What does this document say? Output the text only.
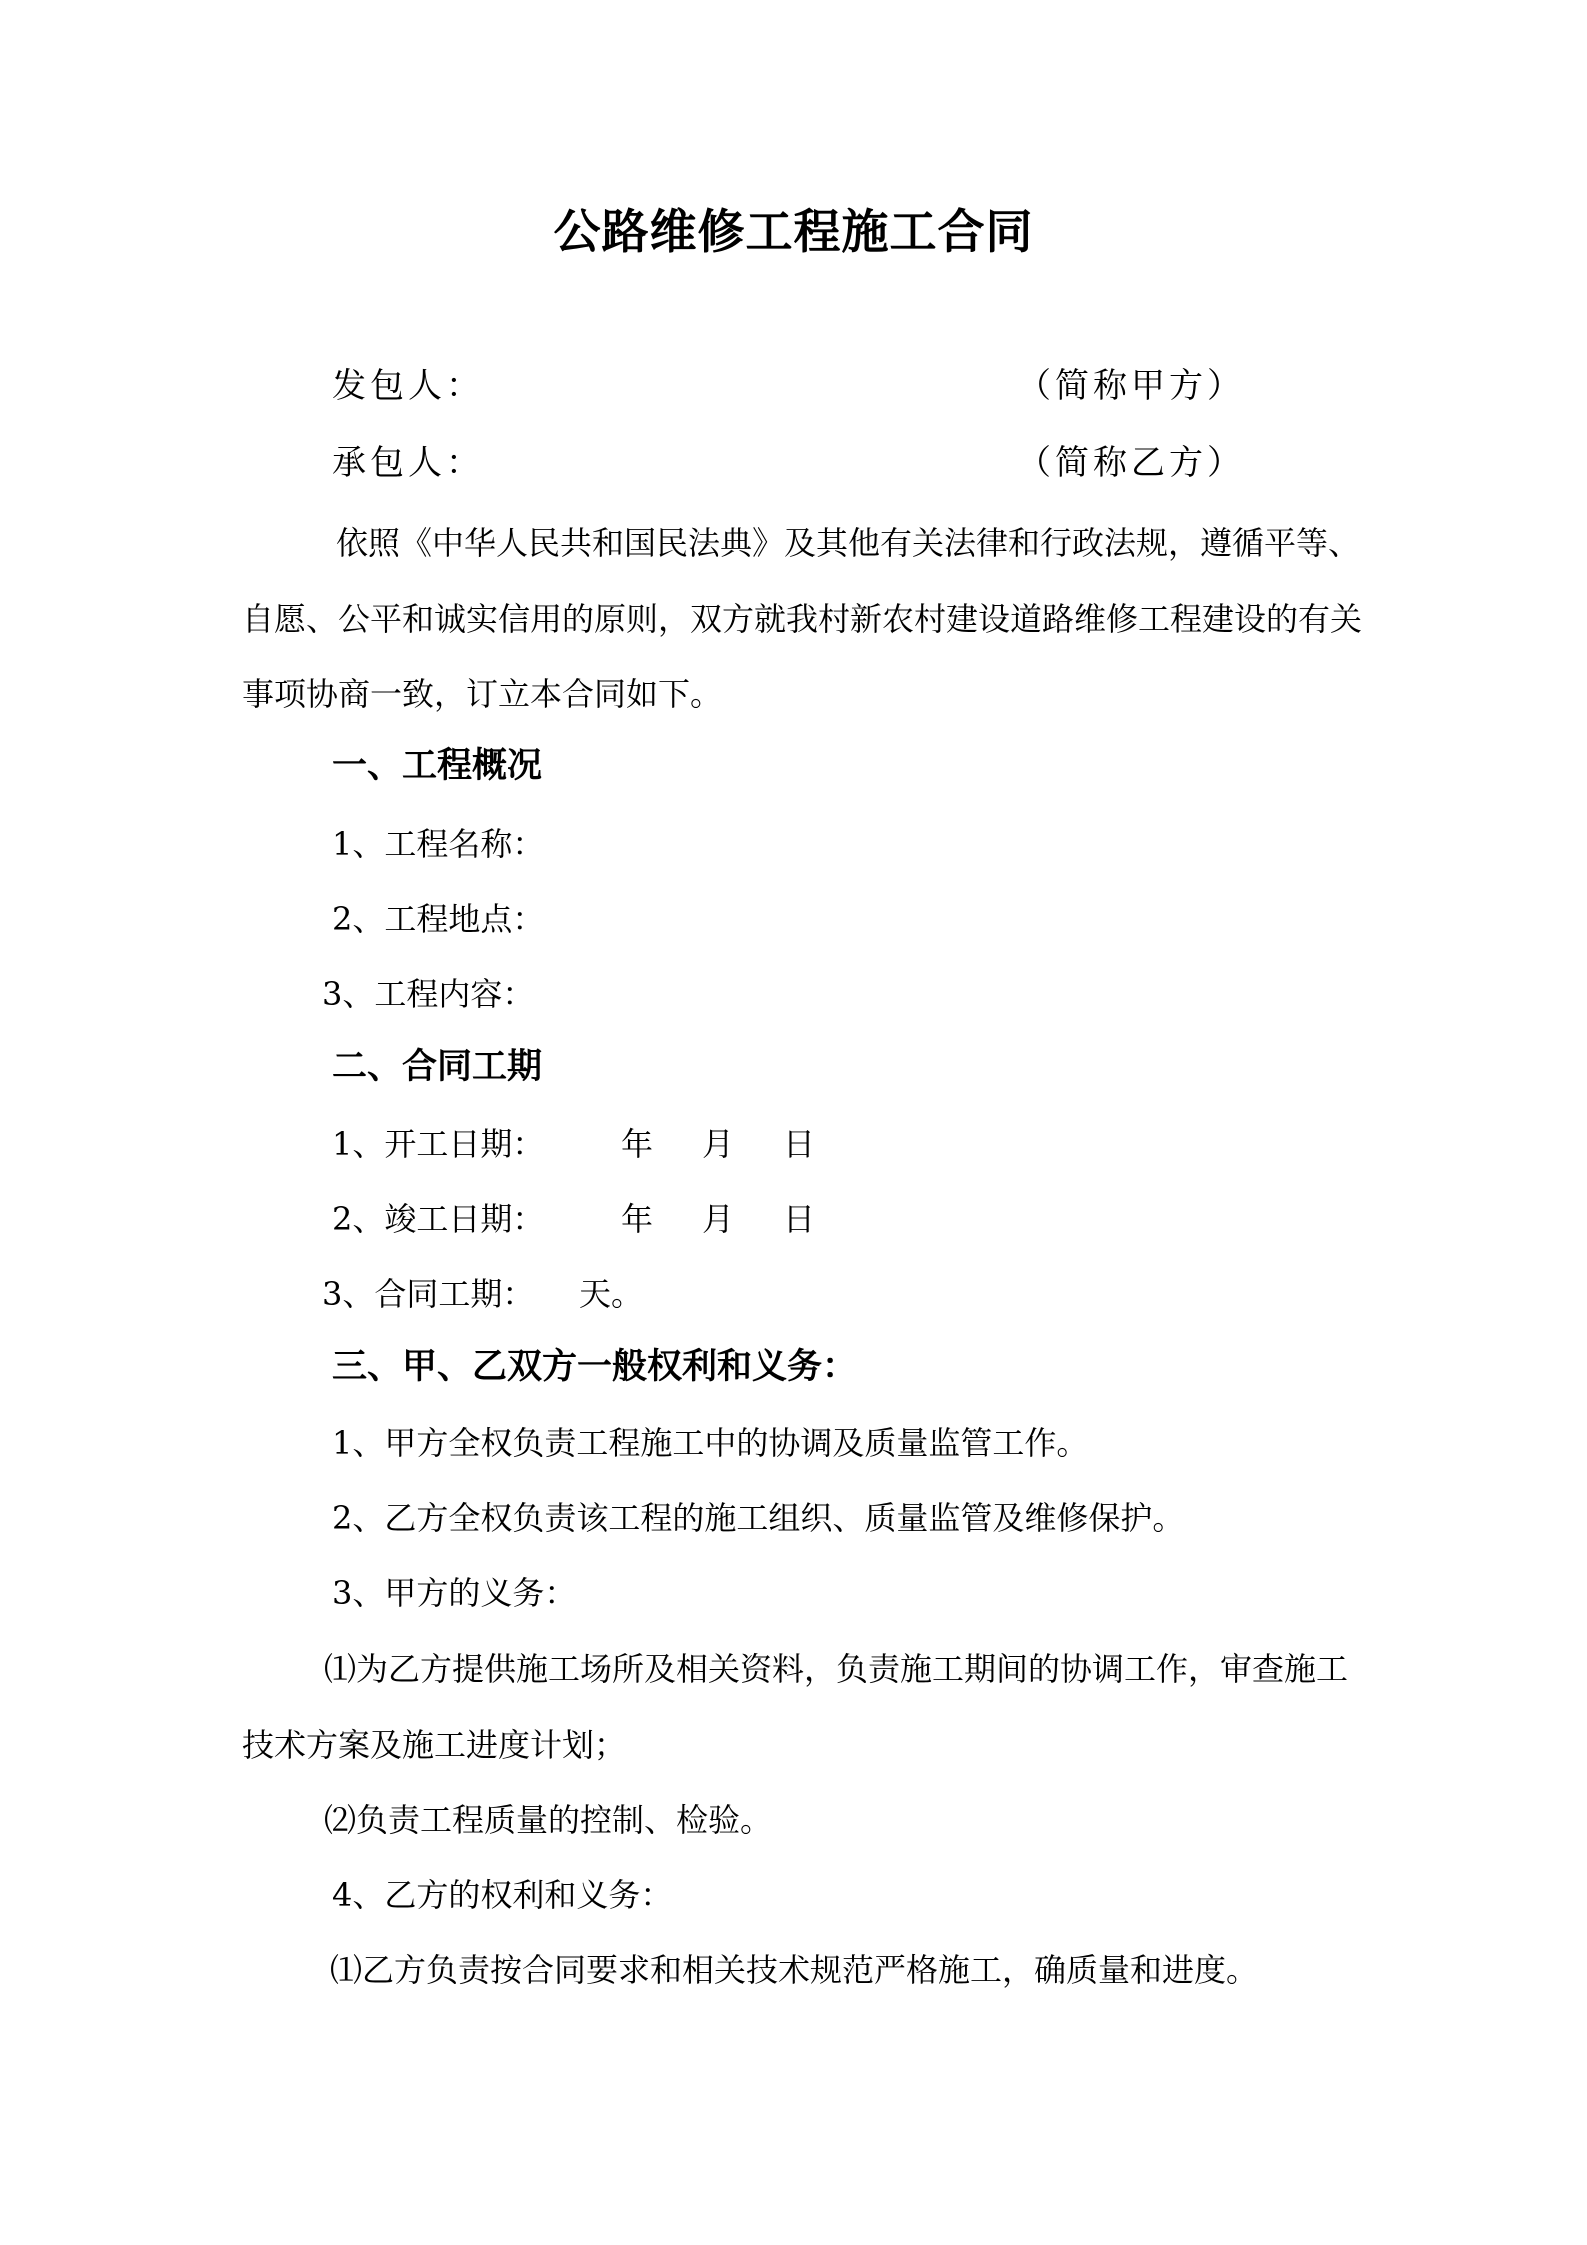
公路维修工程施工合同
发包人：	（简称甲方）
承包人：	（简称乙方）
依照《中华人民共和国民法典》及其他有关法律和行政法规，遵循平等、
自愿、公平和诚实信用的原则，双方就我村新农村建设道路维修工程建设的有关
事项协商一致，订立本合同如下。
一、工程概况
1、工程名称：
2、工程地点：
3、工程内容：
二、合同工期
1、开工日期： 年 月 日
2、竣工日期： 年 月 日
3、合同工期： 天。
三、甲、乙双方一般权利和义务：
1、甲方全权负责工程施工中的协调及质量监管工作。
2、乙方全权负责该工程的施工组织、质量监管及维修保护。
3、甲方的义务：
⑴为乙方提供施工场所及相关资料，负责施工期间的协调工作，审查施工
技术方案及施工进度计划；
⑵负责工程质量的控制、检验。
4、乙方的权利和义务：
⑴乙方负责按合同要求和相关技术规范严格施工，确质量和进度。
